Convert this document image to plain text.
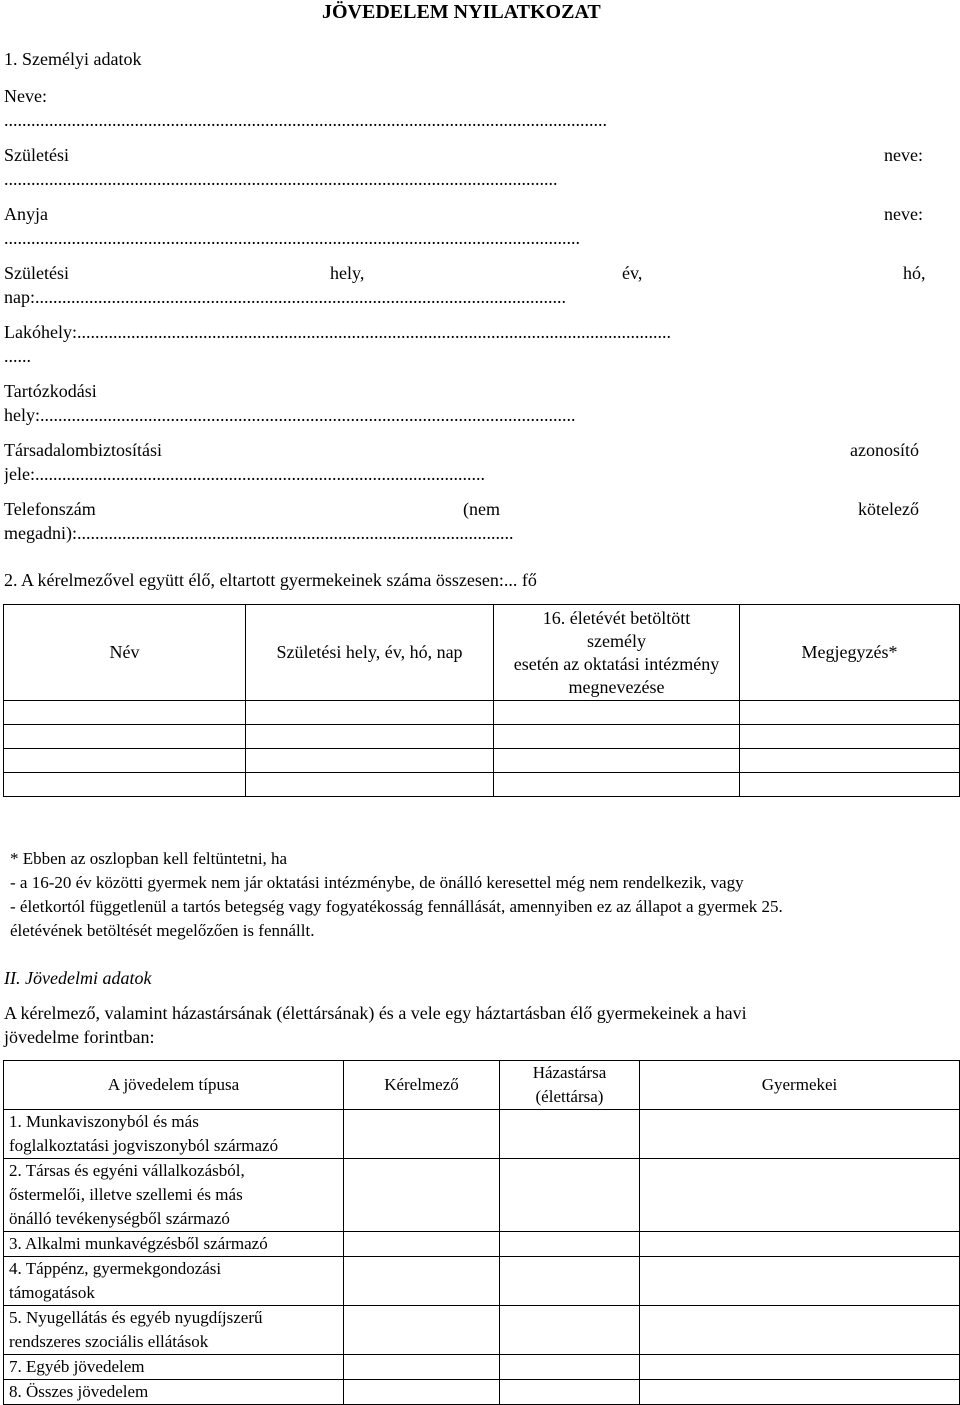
JÖVEDELEM NYILATKOZAT
1. Személyi adatok
Neve:
......................................................................................................................................
Születési	neve:
...........................................................................................................................
Anyja	neve:
................................................................................................................................
Születési	hely,	év,	hó,
nap:......................................................................................................................
Lakóhely:....................................................................................................................................
......
Tartózkodási
hely:.......................................................................................................................
Társadalombiztosítási	azonosító
jele:....................................................................................................
Telefonszám	(nem	kötelező
megadni):.................................................................................................
2. A kérelmezővel együtt élő, eltartott gyermekeinek száma összesen:... fő
Név	Születési hely, év, hó, nap	16. életévét betöltött
személy
esetén az oktatási intézmény
megnevezése	Megjegyzés*

* Ebben az oszlopban kell feltüntetni, ha
- a 16-20 év közötti gyermek nem jár oktatási intézménybe, de önálló keresettel még nem rendelkezik, vagy
- életkortól függetlenül a tartós betegség vagy fogyatékosság fennállását, amennyiben ez az állapot a gyermek 25.
életévének betöltését megelőzően is fennállt.
II. Jövedelmi adatok
A kérelmező, valamint házastársának (élettársának) és a vele egy háztartásban élő gyermekeinek a havi
jövedelme forintban:
A jövedelem típusa	Kérelmező	Házastársa
(élettársa)	Gyermekei

1. Munkaviszonyból és más
foglalkoztatási jogviszonyból származó			

2. Társas és egyéni vállalkozásból,
őstermelői, illetve szellemi és más
önálló tevékenységből származó			

3. Alkalmi munkavégzésből származó			

4. Táppénz, gyermekgondozási
támogatások			

5. Nyugellátás és egyéb nyugdíjszerű
rendszeres szociális ellátások			

7. Egyéb jövedelem			

8. Összes jövedelem			
